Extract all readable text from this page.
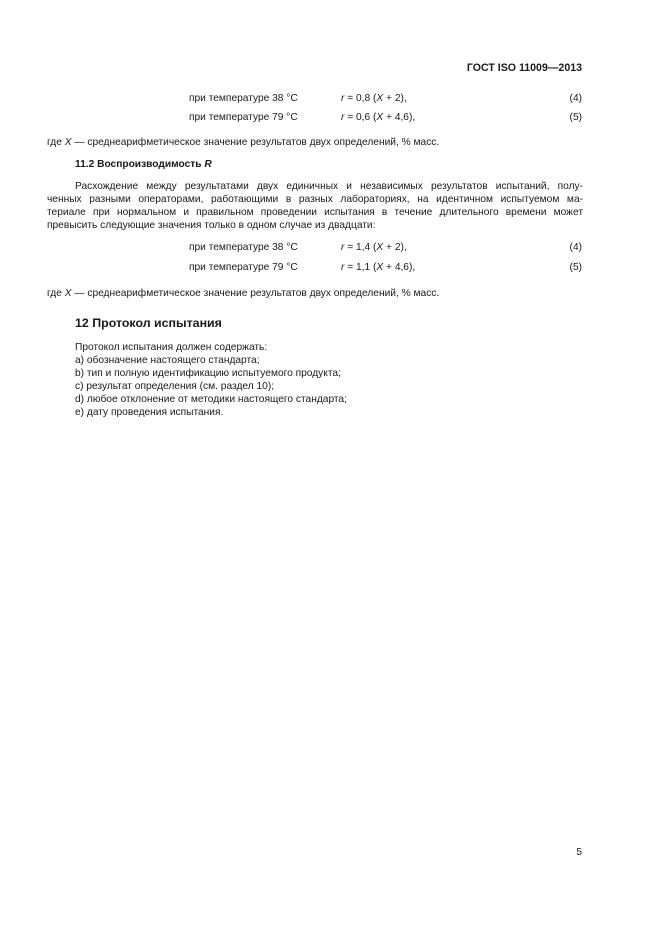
ГОСТ ISO 11009—2013
при температуре 38 °C	r = 0,8 (X + 2),	(4)
при температуре 79 °C	r = 0,6 (X + 4,6),	(5)
где X — среднеарифметическое значение результатов двух определений, % масс.
11.2 Воспроизводимость R
Расхождение между результатами двух единичных и независимых результатов испытаний, полу-
ченных разными операторами, работающими в разных лабораториях, на идентичном испытуемом ма-
териале при нормальном и правильном проведении испытания в течение длительного времени может
превысить следующие значения только в одном случае из двадцати:
при температуре 38 °C	r = 1,4 (X + 2),	(4)
при температуре 79 °C	r = 1,1 (X + 4,6),	(5)
где X — среднеарифметическое значение результатов двух определений, % масс.
12 Протокол испытания
Протокол испытания должен содержать:
a) обозначение настоящего стандарта;
b) тип и полную идентификацию испытуемого продукта;
c) результат определения (см. раздел 10);
d) любое отклонение от методики настоящего стандарта;
e) дату проведения испытания.
5
